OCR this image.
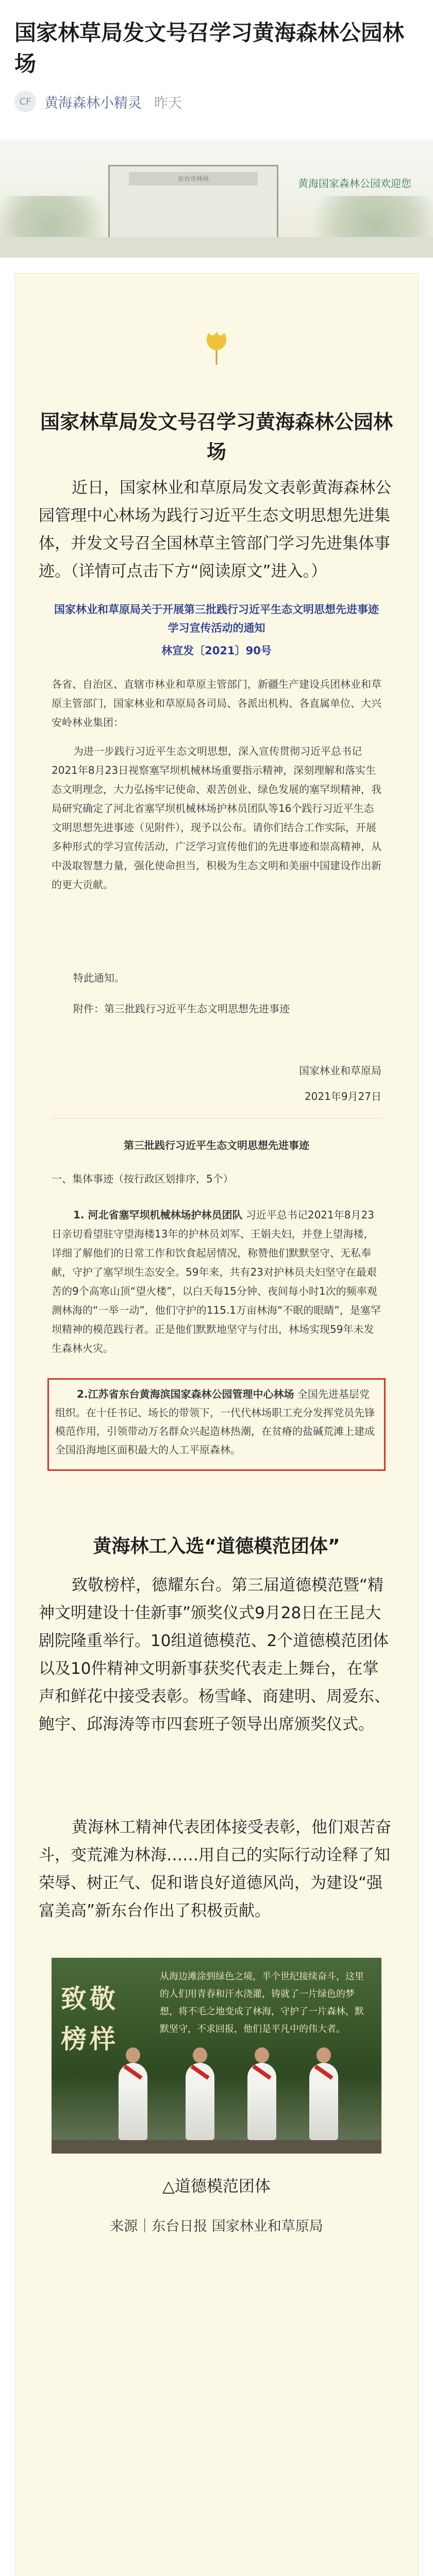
国家林草局发文号召学习黄海森林公园林场
CF 黄海森林小精灵 昨天
东台市林场	黄海国家森林公园欢迎您
国家林草局发文号召学习黄海森林公园林场

近日，国家林业和草原局发文表彰黄海森林公园管理中心林场为践行习近平生态文明思想先进集体，并发文号召全国林草主管部门学习先进集体事迹。（详情可点击下方“阅读原文”进入。）

国家林业和草原局关于开展第三批践行习近平生态文明思想先进事迹学习宣传活动的通知
林宣发〔2021〕90号

各省、自治区、直辖市林业和草原主管部门，新疆生产建设兵团林业和草原主管部门，国家林业和草原局各司局、各派出机构、各直属单位、大兴安岭林业集团：

为进一步践行习近平生态文明思想，深入宣传贯彻习近平总书记2021年8月23日视察塞罕坝机械林场重要指示精神，深刻理解和落实生态文明理念，大力弘扬牢记使命、艰苦创业、绿色发展的塞罕坝精神，我局研究确定了河北省塞罕坝机械林场护林员团队等16个践行习近平生态文明思想先进事迹（见附件），现予以公布。请你们结合工作实际，开展多种形式的学习宣传活动，广泛学习宣传他们的先进事迹和崇高精神，从中汲取智慧力量，强化使命担当，积极为生态文明和美丽中国建设作出新的更大贡献。

特此通知。

附件：第三批践行习近平生态文明思想先进事迹

国家林业和草原局
2021年9月27日
第三批践行习近平生态文明思想先进事迹
一、集体事迹（按行政区划排序，5个）

1. 河北省塞罕坝机械林场护林员团队 习近平总书记2021年8月23日亲切看望驻守望海楼13年的护林员刘军、王娟夫妇，并登上望海楼，详细了解他们的日常工作和饮食起居情况，称赞他们默默坚守、无私奉献，守护了塞罕坝生态安全。59年来，共有23对护林员夫妇坚守在最艰苦的9个高寒山顶“望火楼”，以白天每15分钟、夜间每小时1次的频率观测林海的“一举一动”，他们守护的115.1万亩林海“不眠的眼睛”，是塞罕坝精神的模范践行者。正是他们默默地坚守与付出，林场实现59年未发生森林火灾。

2.江苏省东台黄海滨国家森林公园管理中心林场 全国先进基层党组织。在十任书记、场长的带领下，一代代林场职工充分发挥党员先锋模范作用，引领带动万名群众兴起造林热潮，在贫瘠的盐碱荒滩上建成全国沿海地区面积最大的人工平原森林。
黄海林工入选“道德模范团体”

致敬榜样，德耀东台。第三届道德模范暨“精神文明建设十佳新事”颁奖仪式9月28日在王昆大剧院隆重举行。10组道德模范、2个道德模范团体以及10件精神文明新事获奖代表走上舞台，在掌声和鲜花中接受表彰。杨雪峰、商建明、周爱东、鲍宇、邱海涛等市四套班子领导出席颁奖仪式。

黄海林工精神代表团体接受表彰，他们艰苦奋斗，变荒滩为林海……用自己的实际行动诠释了知荣辱、树正气、促和谐良好道德风尚，为建设“强富美高”新东台作出了积极贡献。

致敬
榜样
从海边滩涂到绿色之境，半个世纪接续奋斗，这里的人们用青春和汗水浇灌，铸就了一片绿色的梦想，将不毛之地变成了林海，守护了一片森林，默默坚守，不求回报，他们是平凡中的伟大者。
△道德模范团体
来源｜东台日报 国家林业和草原局
